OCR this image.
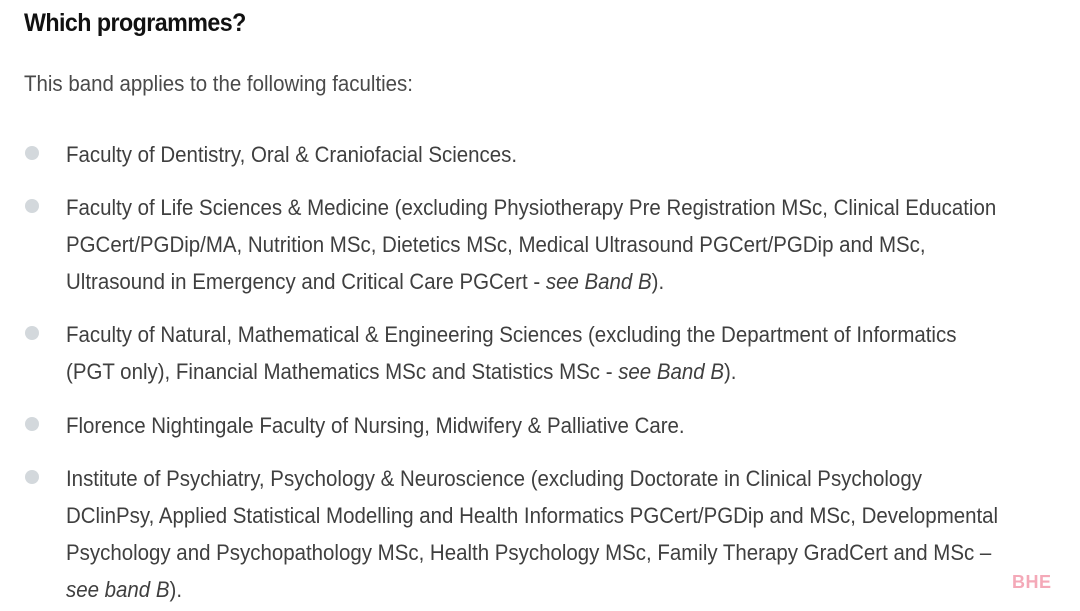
Which programmes?

This band applies to the following faculties:

Faculty of Dentistry, Oral & Craniofacial Sciences.

Faculty of Life Sciences & Medicine (excluding Physiotherapy Pre Registration MSc, Clinical Education
PGCert/PGDip/MA, Nutrition MSc, Dietetics MSc, Medical Ultrasound PGCert/PGDip and MSc,
Ultrasound in Emergency and Critical Care PGCert - see Band B).

Faculty of Natural, Mathematical & Engineering Sciences (excluding the Department of Informatics
(PGT only), Financial Mathematics MSc and Statistics MSc - see Band B).

Florence Nightingale Faculty of Nursing, Midwifery & Palliative Care.

Institute of Psychiatry, Psychology & Neuroscience (excluding Doctorate in Clinical Psychology
DClinPsy, Applied Statistical Modelling and Health Informatics PGCert/PGDip and MSc, Developmental
Psychology and Psychopathology MSc, Health Psychology MSc, Family Therapy GradCert and MSc –
see band B).	BHE
